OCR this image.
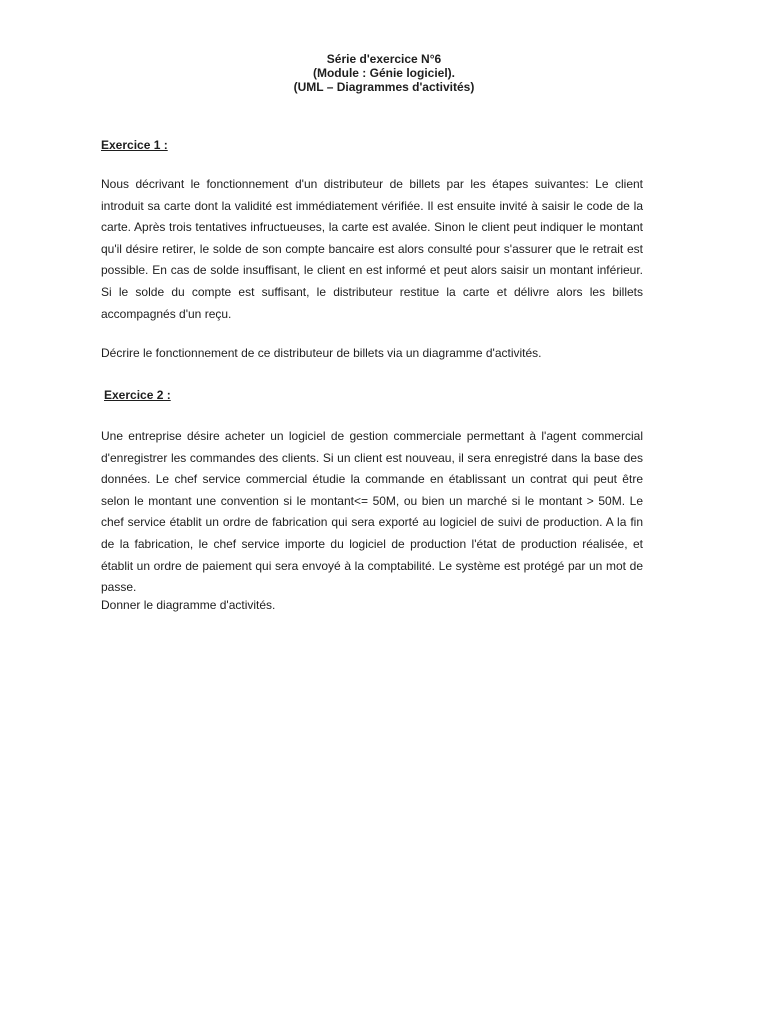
Série d'exercice N°6
(Module : Génie logiciel).
(UML – Diagrammes d'activités)
Exercice 1 :
Nous décrivant le fonctionnement d'un distributeur de billets par les étapes suivantes: Le client introduit sa carte dont la validité est immédiatement vérifiée. Il est ensuite invité à saisir le code de la carte. Après trois tentatives infructueuses, la carte est avalée. Sinon le client peut indiquer le montant qu'il désire retirer, le solde de son compte bancaire est alors consulté pour s'assurer que le retrait est possible. En cas de solde insuffisant, le client en est informé et peut alors saisir un montant inférieur. Si le solde du compte est suffisant, le distributeur restitue la carte et délivre alors les billets accompagnés d'un reçu.
Décrire le fonctionnement de ce distributeur de billets via un diagramme d'activités.
Exercice 2 :
Une entreprise désire acheter un logiciel de gestion commerciale permettant à l'agent commercial d'enregistrer les commandes des clients. Si un client est nouveau, il sera enregistré dans la base des données. Le chef service commercial étudie la commande en établissant un contrat qui peut être selon le montant une convention si le montant<= 50M, ou bien un marché si le montant > 50M. Le chef service établit un ordre de fabrication qui sera exporté au logiciel de suivi de production. A la fin de la fabrication, le chef service importe du logiciel de production l'état de production réalisée, et établit un ordre de paiement qui sera envoyé à la comptabilité. Le système est protégé par un mot de passe.
Donner le diagramme d'activités.
